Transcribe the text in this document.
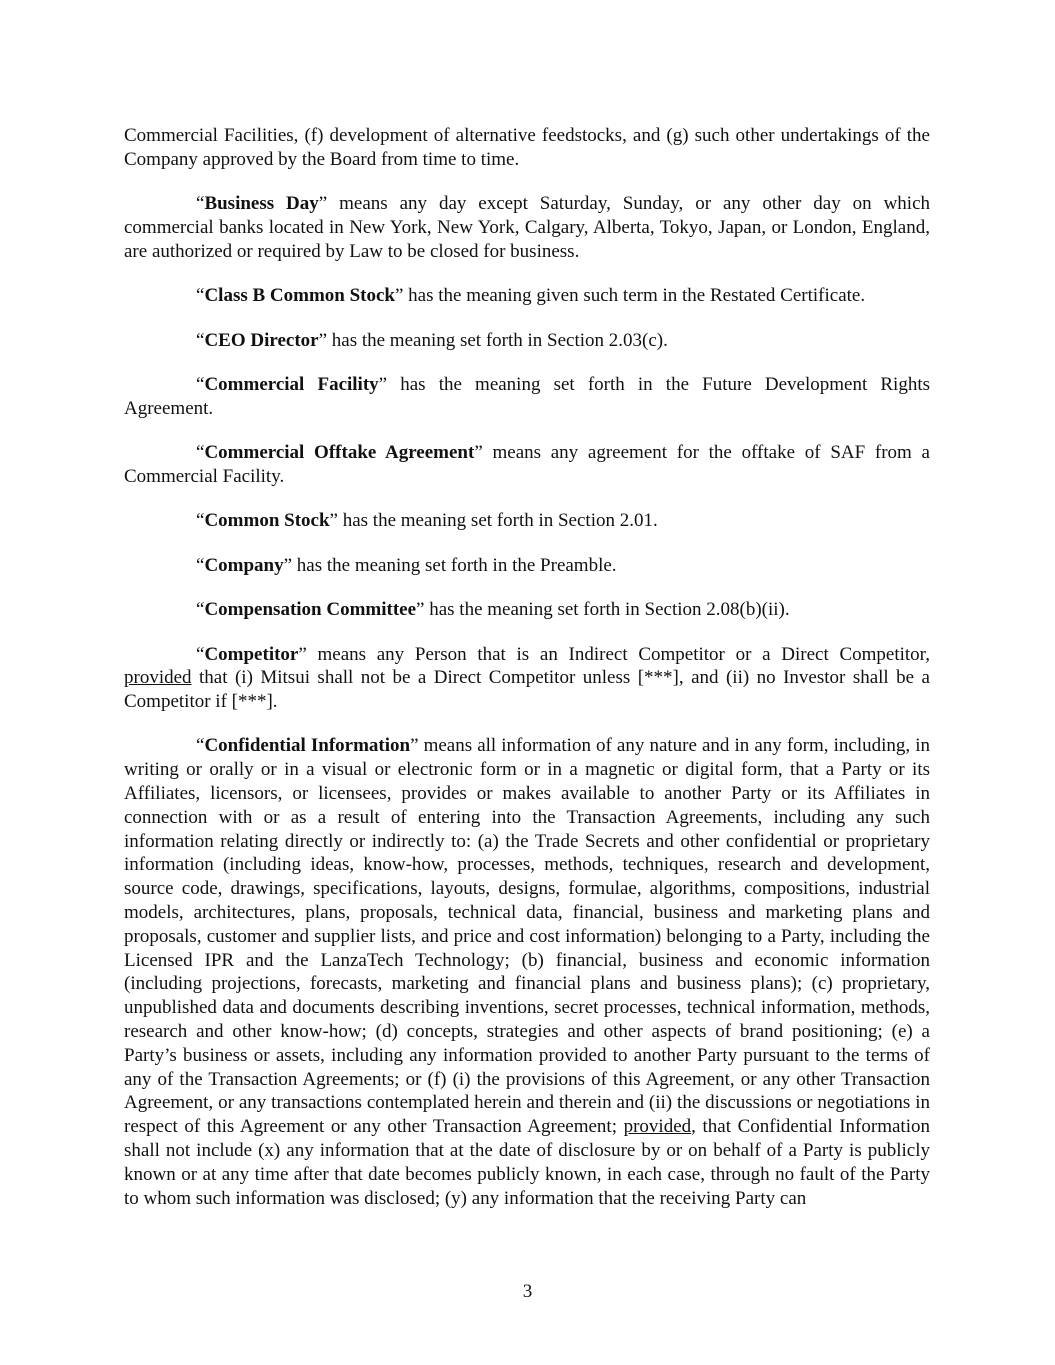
Commercial Facilities, (f) development of alternative feedstocks, and (g) such other undertakings of the Company approved by the Board from time to time.

“Business Day” means any day except Saturday, Sunday, or any other day on which commercial banks located in New York, New York, Calgary, Alberta, Tokyo, Japan, or London, England, are authorized or required by Law to be closed for business.

“Class B Common Stock” has the meaning given such term in the Restated Certificate.

“CEO Director” has the meaning set forth in Section 2.03(c).

“Commercial Facility” has the meaning set forth in the Future Development Rights Agreement.

“Commercial Offtake Agreement” means any agreement for the offtake of SAF from a Commercial Facility.

“Common Stock” has the meaning set forth in Section 2.01.

“Company” has the meaning set forth in the Preamble.

“Compensation Committee” has the meaning set forth in Section 2.08(b)(ii).

“Competitor” means any Person that is an Indirect Competitor or a Direct Competitor, provided that (i) Mitsui shall not be a Direct Competitor unless [***], and (ii) no Investor shall be a Competitor if [***].

“Confidential Information” means all information of any nature and in any form, including, in writing or orally or in a visual or electronic form or in a magnetic or digital form, that a Party or its Affiliates, licensors, or licensees, provides or makes available to another Party or its Affiliates in connection with or as a result of entering into the Transaction Agreements, including any such information relating directly or indirectly to: (a) the Trade Secrets and other confidential or proprietary information (including ideas, know-how, processes, methods, techniques, research and development, source code, drawings, specifications, layouts, designs, formulae, algorithms, compositions, industrial models, architectures, plans, proposals, technical data, financial, business and marketing plans and proposals, customer and supplier lists, and price and cost information) belonging to a Party, including the Licensed IPR and the LanzaTech Technology; (b) financial, business and economic information (including projections, forecasts, marketing and financial plans and business plans); (c) proprietary, unpublished data and documents describing inventions, secret processes, technical information, methods, research and other know-how; (d) concepts, strategies and other aspects of brand positioning; (e) a Party’s business or assets, including any information provided to another Party pursuant to the terms of any of the Transaction Agreements; or (f) (i) the provisions of this Agreement, or any other Transaction Agreement, or any transactions contemplated herein and therein and (ii) the discussions or negotiations in respect of this Agreement or any other Transaction Agreement; provided, that Confidential Information shall not include (x) any information that at the date of disclosure by or on behalf of a Party is publicly known or at any time after that date becomes publicly known, in each case, through no fault of the Party to whom such information was disclosed; (y) any information that the receiving Party can

3
